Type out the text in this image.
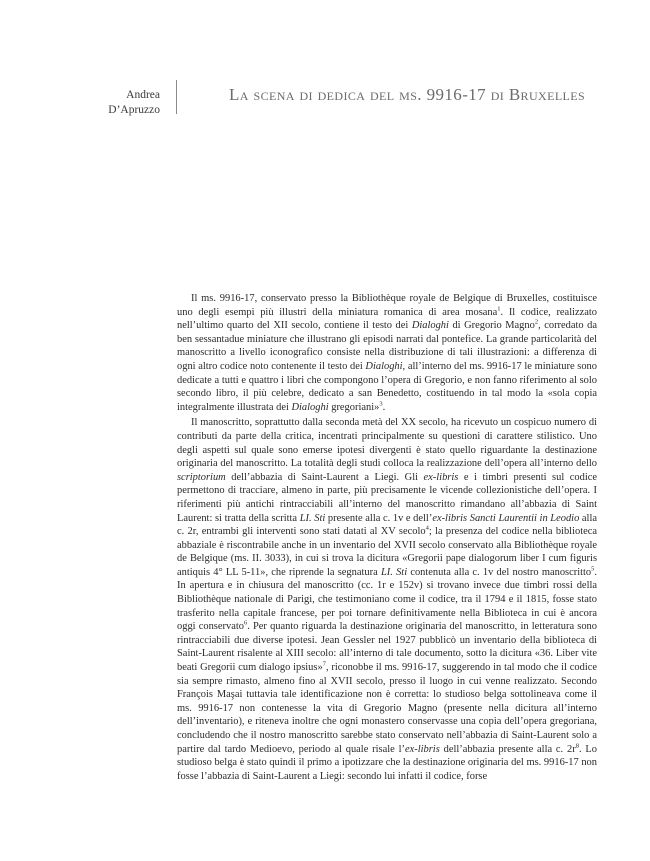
Andrea
D’Apruzzo
La scena di dedica del ms. 9916-17 di Bruxelles

Il ms. 9916-17, conservato presso la Bibliothèque royale de Belgique di Bruxelles, costituisce uno degli esempi più illustri della miniatura romanica di area mosana$^1$. Il codice, realizzato nell’ultimo quarto del XII secolo, contiene il testo dei Dialoghi di Gregorio Magno$^2$, corredato da ben sessantadue miniature che illustrano gli episodi narrati dal pontefice. La grande particolarità del manoscritto a livello iconografico consiste nella distribuzione di tali illustrazioni: a differenza di ogni altro codice noto contenente il testo dei Dialoghi, all’interno del ms. 9916-17 le miniature sono dedicate a tutti e quattro i libri che compongono l’opera di Gregorio, e non fanno riferimento al solo secondo libro, il più celebre, dedicato a san Benedetto, costituendo in tal modo la «sola copia integralmente illustrata dei Dialoghi gregoriani»$^3$.

Il manoscritto, soprattutto dalla seconda metà del XX secolo, ha ricevuto un cospicuo numero di contributi da parte della critica, incentrati principalmente su questioni di carattere stilistico. Uno degli aspetti sul quale sono emerse ipotesi divergenti è stato quello riguardante la destinazione originaria del manoscritto. La totalità degli studi colloca la realizzazione dell’opera all’interno dello scriptorium dell’abbazia di Saint-Laurent a Liegi. Gli ex-libris e i timbri presenti sul codice permettono di tracciare, almeno in parte, più precisamente le vicende collezionistiche dell’opera. I riferimenti più antichi rintracciabili all’interno del manoscritto rimandano all’abbazia di Saint Laurent: si tratta della scritta LI. Sti presente alla c. 1v e dell’ex-libris Sancti Laurentii in Leodio alla c. 2r, entrambi gli interventi sono stati datati al XV secolo$^4$; la presenza del codice nella biblioteca abbaziale è riscontrabile anche in un inventario del XVII secolo conservato alla Bibliothèque royale de Belgique (ms. II. 3033), in cui si trova la dicitura «Gregorii pape dialogorum liber I cum figuris antiquis 4° LL 5-11», che riprende la segnatura LI. Sti contenuta alla c. 1v del nostro manoscritto$^5$. In apertura e in chiusura del manoscritto (cc. 1r e 152v) si trovano invece due timbri rossi della Bibliothèque nationale di Parigi, che testimoniano come il codice, tra il 1794 e il 1815, fosse stato trasferito nella capitale francese, per poi tornare definitivamente nella Biblioteca in cui è ancora oggi conservato$^6$. Per quanto riguarda la destinazione originaria del manoscritto, in letteratura sono rintracciabili due diverse ipotesi. Jean Gessler nel 1927 pubblicò un inventario della biblioteca di Saint-Laurent risalente al XIII secolo: all’interno di tale documento, sotto la dicitura «36. Liber vite beati Gregorii cum dialogo ipsius»$^7$, riconobbe il ms. 9916-17, suggerendo in tal modo che il codice sia sempre rimasto, almeno fino al XVII secolo, presso il luogo in cui venne realizzato. Secondo François Maşai tuttavia tale identificazione non è corretta: lo studioso belga sottolineava come il ms. 9916-17 non contenesse la vita di Gregorio Magno (presente nella dicitura all’interno dell’inventario), e riteneva inoltre che ogni monastero conservasse una copia dell’opera gregoriana, concludendo che il nostro manoscritto sarebbe stato conservato nell’abbazia di Saint-Laurent solo a partire dal tardo Medioevo, periodo al quale risale l’ex-libris dell’abbazia presente alla c. $2r^8$. Lo studioso belga è stato quindi il primo a ipotizzare che la destinazione originaria del ms. 9916-17 non fosse l’abbazia di Saint-Laurent a Liegi: secondo lui infatti il codice, forse
